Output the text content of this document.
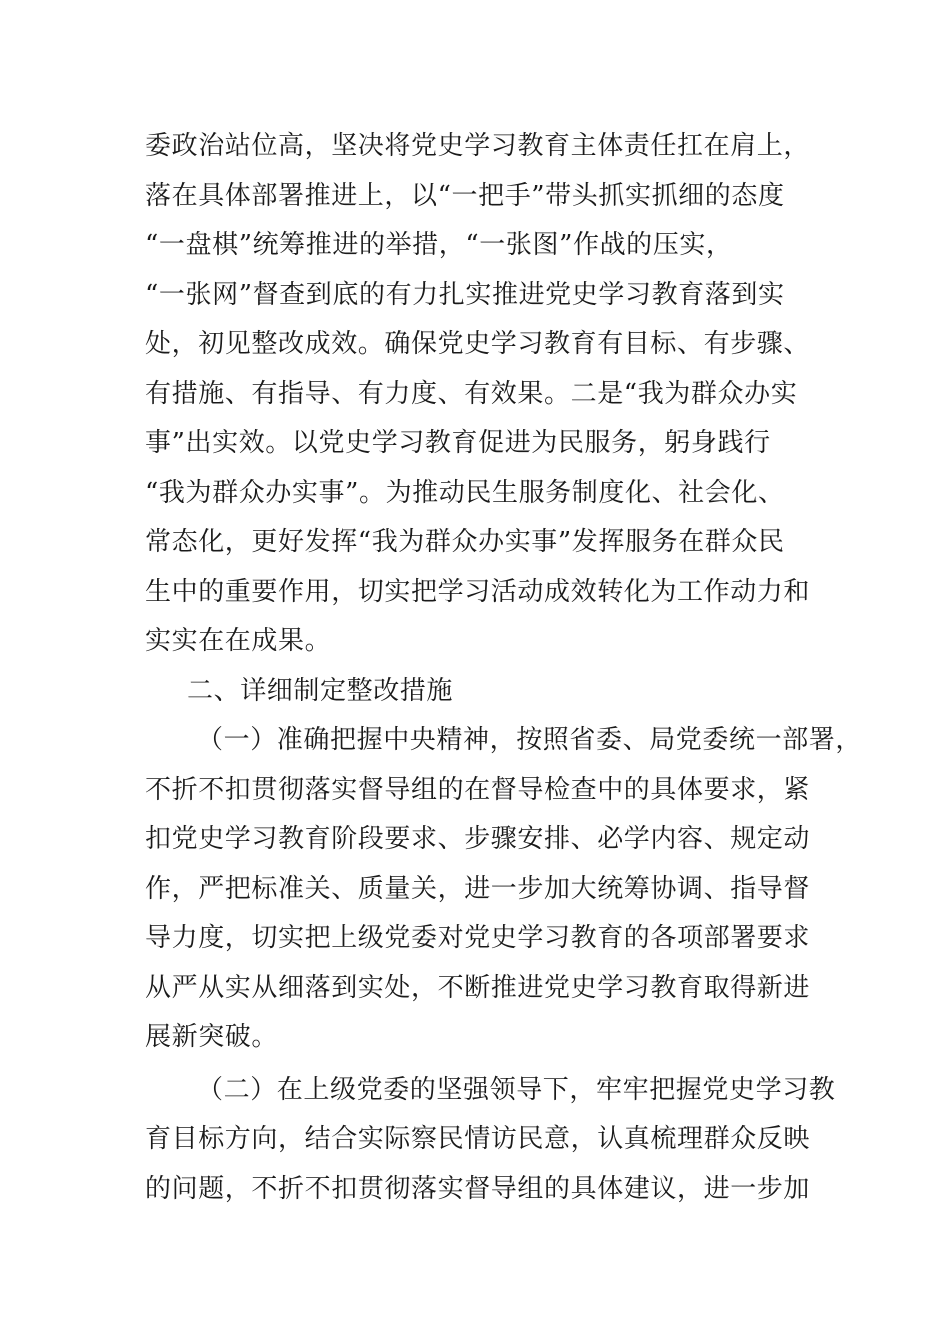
委政治站位高，坚决将党史学习教育主体责任扛在肩上，
落在具体部署推进上，以“一把手”带头抓实抓细的态度
“一盘棋”统筹推进的举措，“一张图”作战的压实，
“一张网”督查到底的有力扎实推进党史学习教育落到实
处，初见整改成效。确保党史学习教育有目标、有步骤、
有措施、有指导、有力度、有效果。二是“我为群众办实
事”出实效。以党史学习教育促进为民服务，躬身践行
“我为群众办实事”。为推动民生服务制度化、社会化、
常态化，更好发挥“我为群众办实事”发挥服务在群众民
生中的重要作用，切实把学习活动成效转化为工作动力和
实实在在成果。
二、详细制定整改措施
（一）准确把握中央精神，按照省委、局党委统一部署，
不折不扣贯彻落实督导组的在督导检查中的具体要求，紧
扣党史学习教育阶段要求、步骤安排、必学内容、规定动
作，严把标准关、质量关，进一步加大统筹协调、指导督
导力度，切实把上级党委对党史学习教育的各项部署要求
从严从实从细落到实处，不断推进党史学习教育取得新进
展新突破。
（二）在上级党委的坚强领导下，牢牢把握党史学习教
育目标方向，结合实际察民情访民意，认真梳理群众反映
的问题，不折不扣贯彻落实督导组的具体建议，进一步加
